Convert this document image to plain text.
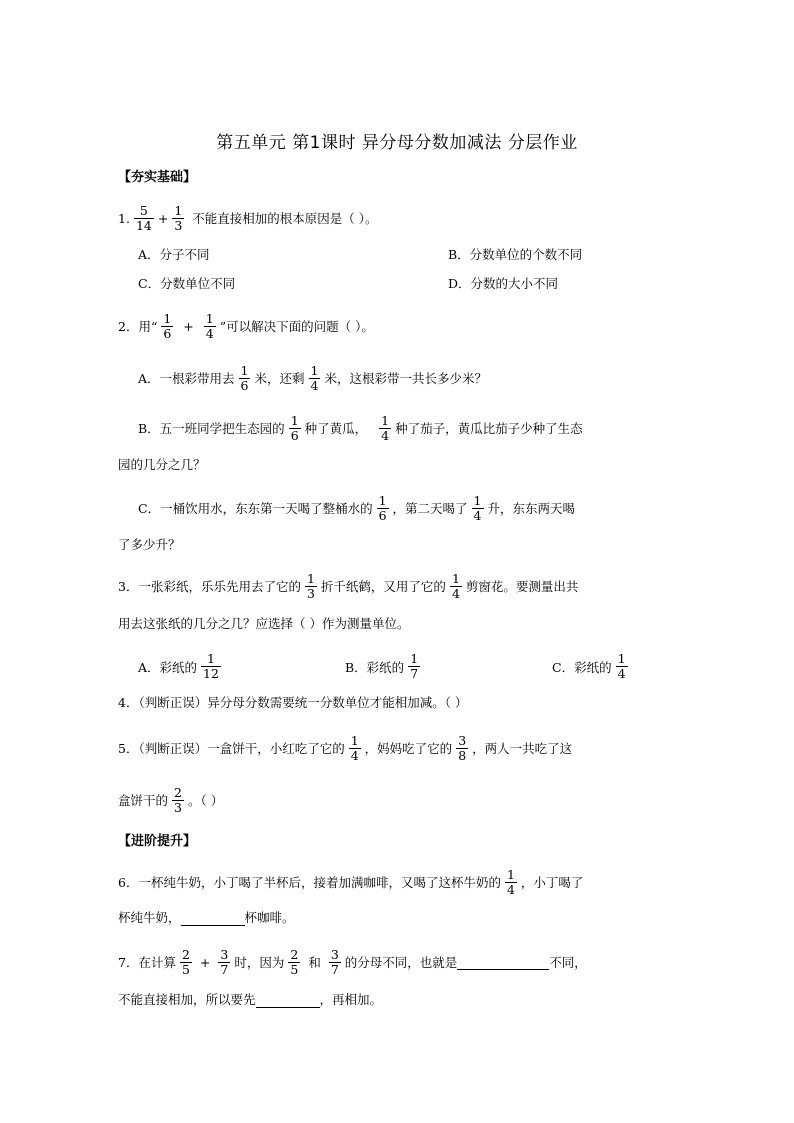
第五单元 第1课时 异分母分数加减法 分层作业
【夯实基础】
1. $\frac{5}{14} + \frac{1}{3}$ 不能直接相加的根本原因是（ ）。
A．分子不同	B．分数单位的个数不同
C．分数单位不同	D．分数的大小不同
2．用“ $\frac{1}{6} + \frac{1}{4}$ ”可以解决下面的问题（ ）。
A．一根彩带用去 $\frac{1}{6}$ 米，还剩 $\frac{1}{4}$ 米，这根彩带一共长多少米？
B．五一班同学把生态园的 $\frac{1}{6}$ 种了黄瓜， $\frac{1}{4}$ 种了茄子，黄瓜比茄子少种了生态
园的几分之几？
C．一桶饮用水，东东第一天喝了整桶水的 $\frac{1}{6}$ ，第二天喝了 $\frac{1}{4}$ 升，东东两天喝
了多少升？
3．一张彩纸，乐乐先用去了它的 $\frac{1}{3}$ 折千纸鹤，又用了它的 $\frac{1}{4}$ 剪窗花。要测量出共
用去这张纸的几分之几？应选择（ ）作为测量单位。
A．彩纸的 $\frac{1}{12}$	B．彩纸的 $\frac{1}{7}$	C．彩纸的 $\frac{1}{4}$
4．（判断正误）异分母分数需要统一分数单位才能相加减。（ ）
5．（判断正误）一盒饼干，小红吃了它的 $\frac{1}{4}$ ，妈妈吃了它的 $\frac{3}{8}$ ，两人一共吃了这
盒饼干的 $\frac{2}{3}$ 。（ ）
【进阶提升】
6．一杯纯牛奶，小丁喝了半杯后，接着加满咖啡，又喝了这杯牛奶的 $\frac{1}{4}$ ，小丁喝了
杯纯牛奶，	杯咖啡。
7．在计算 $\frac{2}{5} + \frac{3}{7}$ 时，因为 $\frac{2}{5}$ 和 $\frac{3}{7}$ 的分母不同，也就是	不同，
不能直接相加，所以要先	，再相加。
